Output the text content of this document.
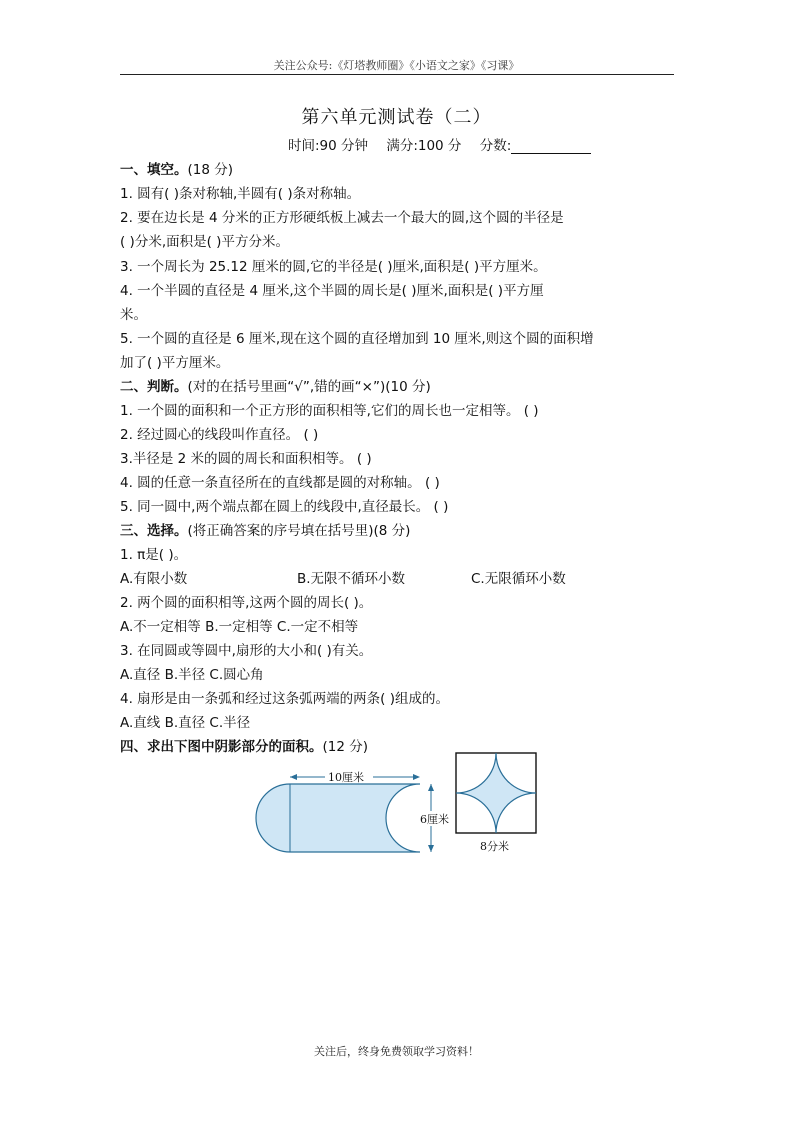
关注公众号:《灯塔教师圈》《小语文之家》《习课》
第六单元测试卷（二）
时间:90 分钟 满分:100 分 分数:
一、填空。(18 分)
1. 圆有( )条对称轴,半圆有( )条对称轴。
2. 要在边长是 4 分米的正方形硬纸板上减去一个最大的圆,这个圆的半径是
( )分米,面积是( )平方分米。
3. 一个周长为 25.12 厘米的圆,它的半径是( )厘米,面积是( )平方厘米。
4. 一个半圆的直径是 4 厘米,这个半圆的周长是( )厘米,面积是( )平方厘
米。
5. 一个圆的直径是 6 厘米,现在这个圆的直径增加到 10 厘米,则这个圆的面积增
加了( )平方厘米。
二、判断。(对的在括号里画“√”,错的画“×”)(10 分)
1. 一个圆的面积和一个正方形的面积相等,它们的周长也一定相等。 ( )
2. 经过圆心的线段叫作直径。 ( )
3.半径是 2 米的圆的周长和面积相等。 ( )
4. 圆的任意一条直径所在的直线都是圆的对称轴。 ( )
5. 同一圆中,两个端点都在圆上的线段中,直径最长。 ( )
三、选择。(将正确答案的序号填在括号里)(8 分)
1. π是( )。
A.有限小数	B.无限不循环小数	C.无限循环小数
2. 两个圆的面积相等,这两个圆的周长( )。
A.不一定相等 B.一定相等 C.一定不相等
3. 在同圆或等圆中,扇形的大小和( )有关。
A.直径 B.半径 C.圆心角
4. 扇形是由一条弧和经过这条弧两端的两条( )组成的。
A.直线 B.直径 C.半径
四、求出下图中阴影部分的面积。(12 分)
10厘米
6厘米
8分米
关注后，终身免费领取学习资料！
